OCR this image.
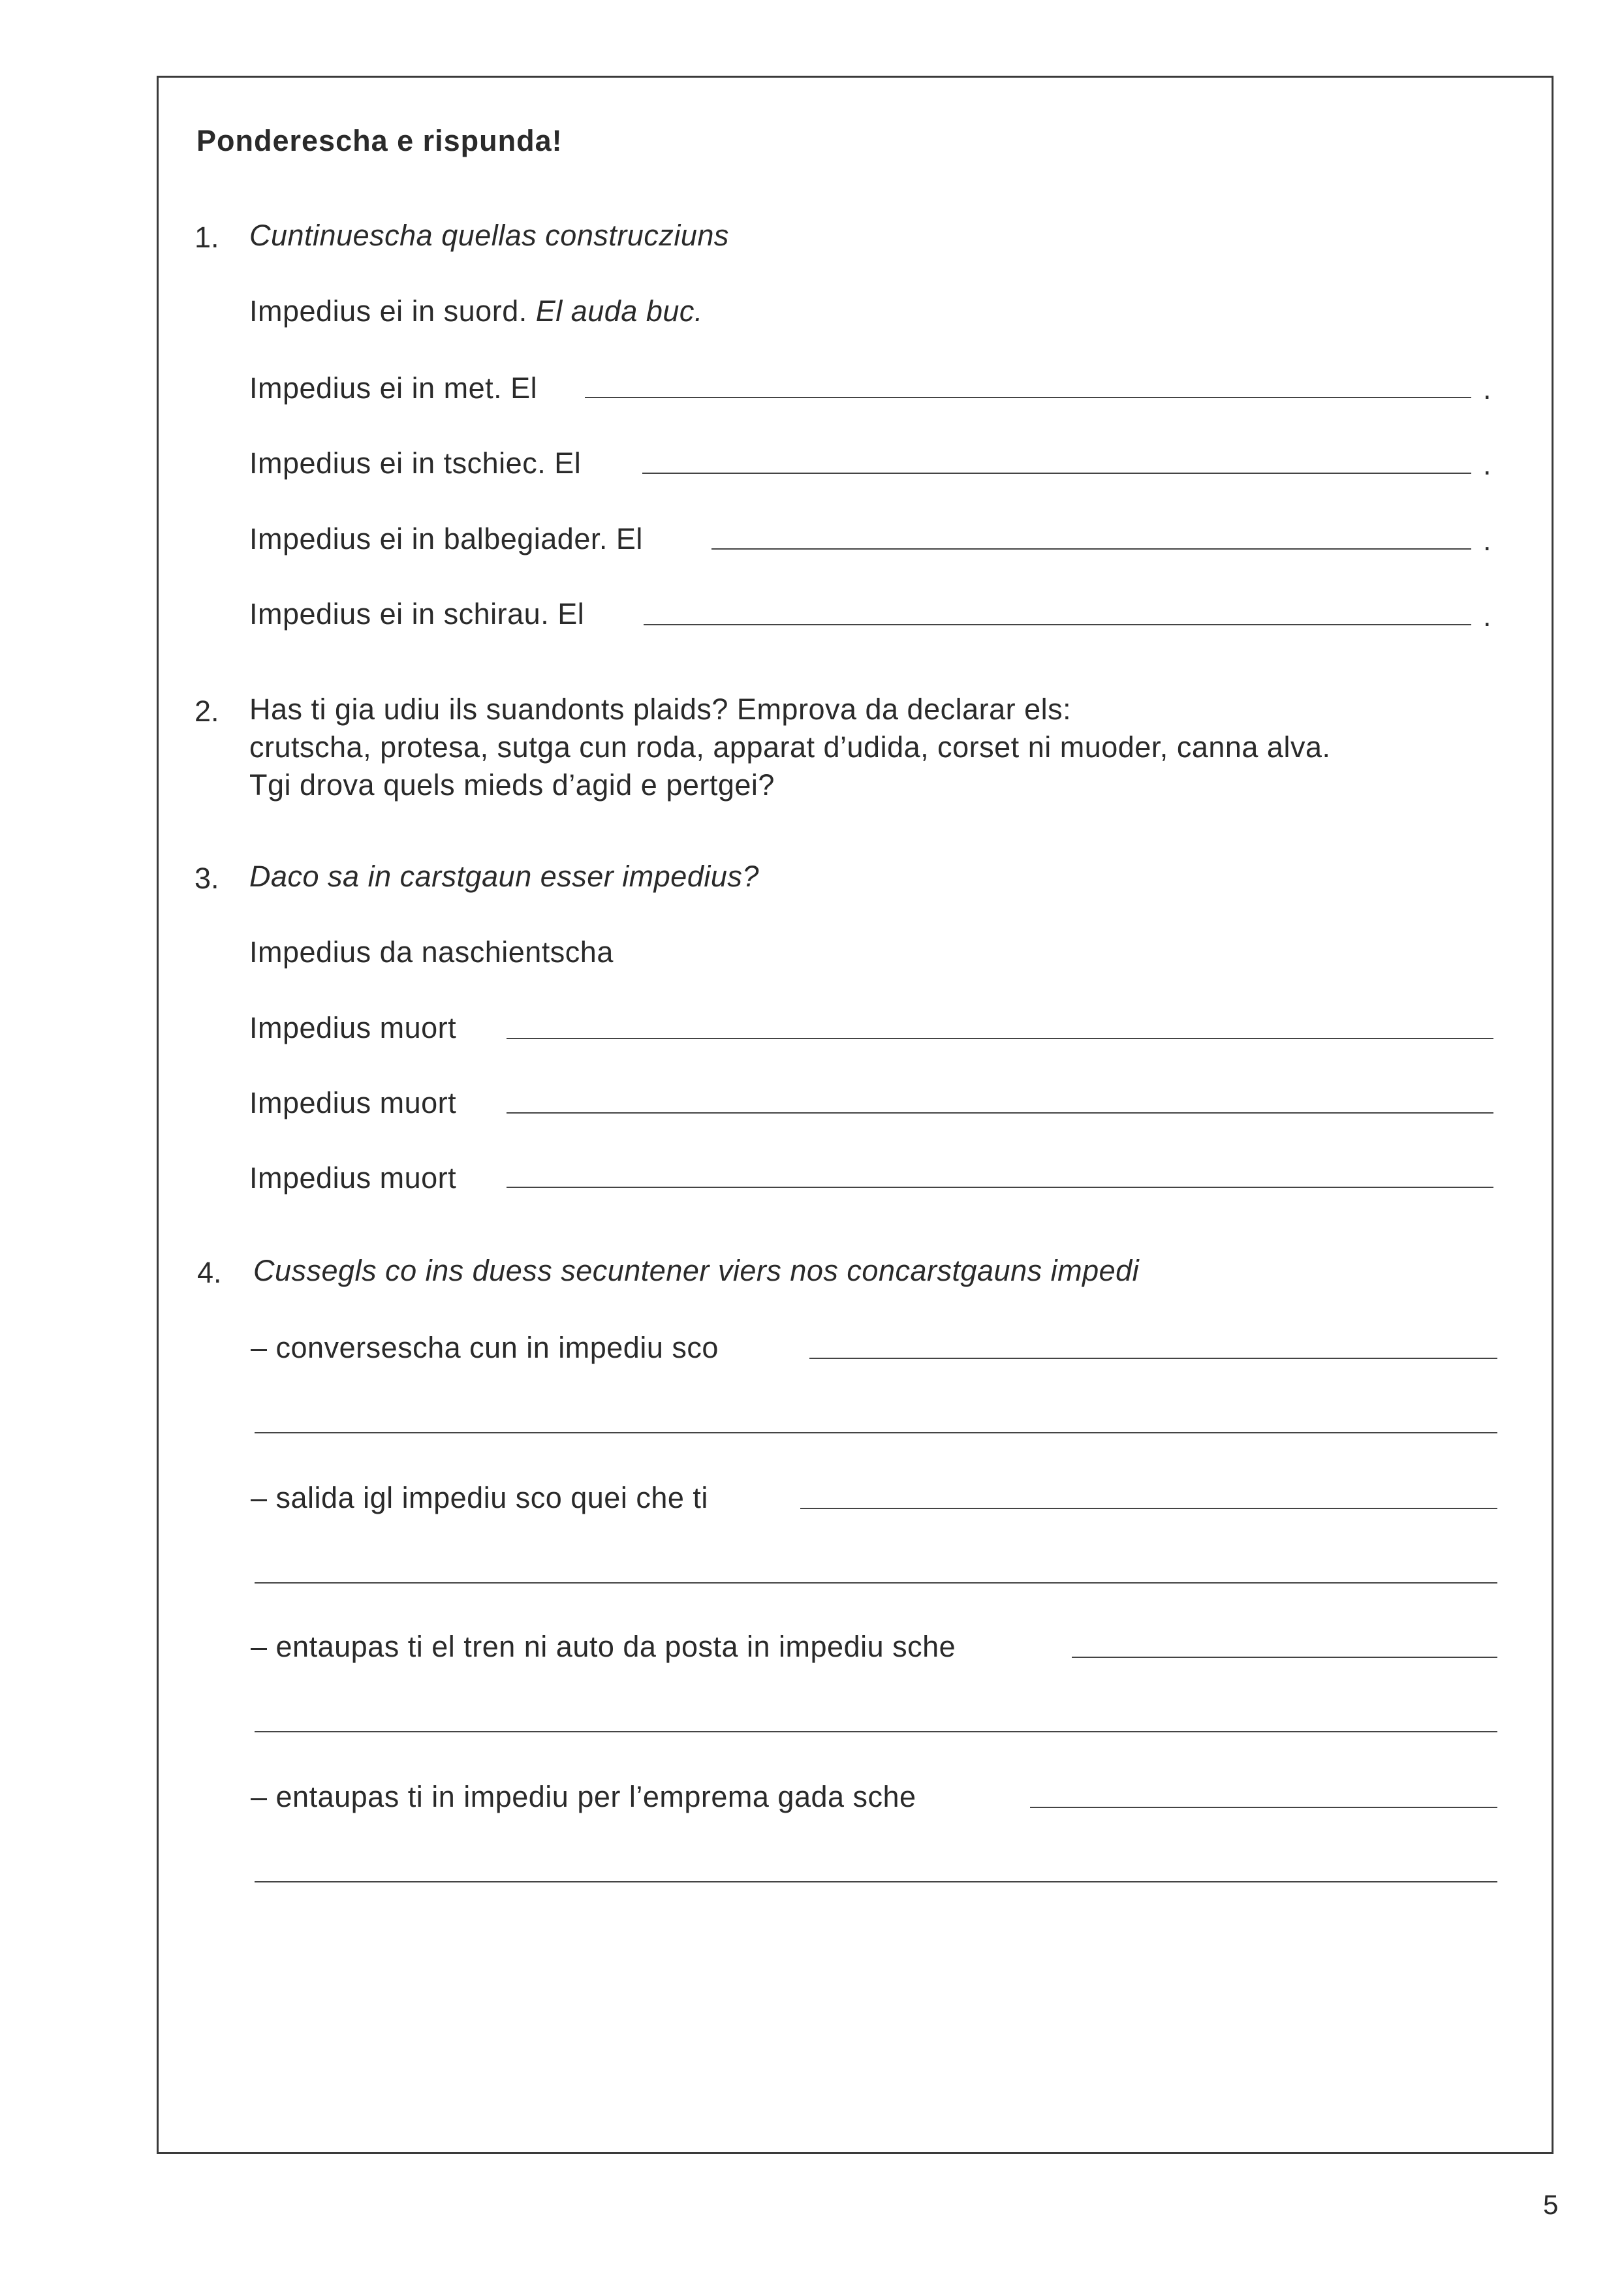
Ponderescha e rispunda!
1. Cuntinuescha quellas construcziuns
Impedius ei in suord. El auda buc.
Impedius ei in met. El	.
Impedius ei in tschiec. El	.
Impedius ei in balbegiader. El	.
Impedius ei in schirau. El	.
2. Has ti gia udiu ils suandonts plaids? Emprova da declarar els:
crutscha, protesa, sutga cun roda, apparat d’udida, corset ni muoder, canna alva.
Tgi drova quels mieds d’agid e pertgei?
3. Daco sa in carstgaun esser impedius?
Impedius da naschientscha
Impedius muort
Impedius muort
Impedius muort
4. Cussegls co ins duess secuntener viers nos concarstgauns impedi
– conversescha cun in impediu sco
– salida igl impediu sco quei che ti
– entaupas ti el tren ni auto da posta in impediu sche
– entaupas ti in impediu per l’emprema gada sche
5
